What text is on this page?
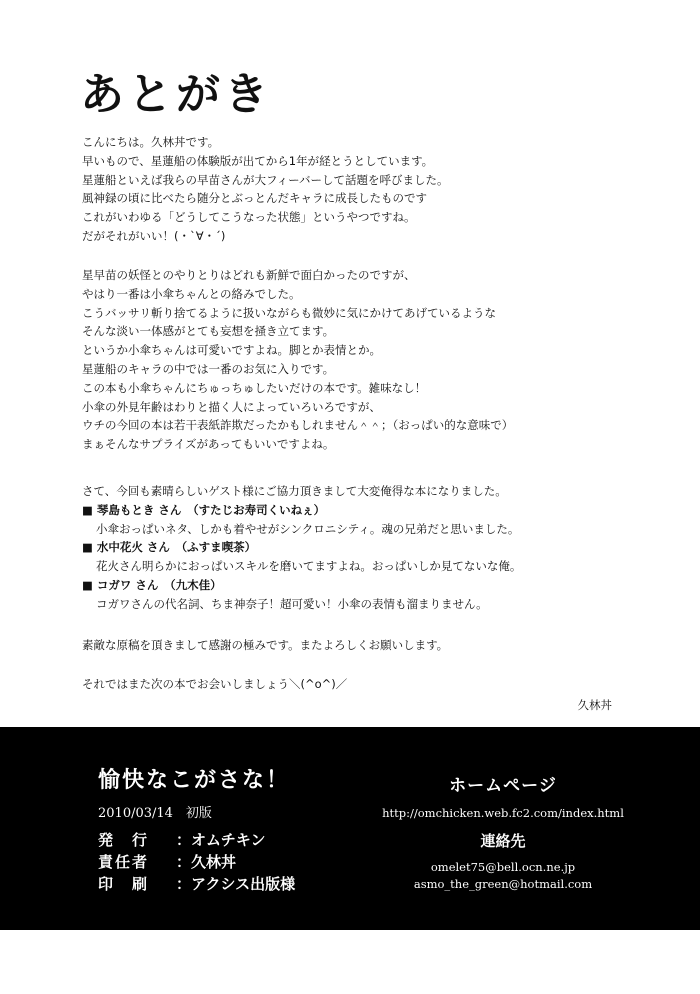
あとがき
こんにちは。久林丼です。
早いもので、星蓮船の体験版が出てから1年が経とうとしています。
星蓮船といえば我らの早苗さんが大フィーバーして話題を呼びました。
風神録の頃に比べたら随分とぶっとんだキャラに成長したものです
これがいわゆる「どうしてこうなった状態」というやつですね。
だがそれがいい！(・`∀・´)
星早苗の妖怪とのやりとりはどれも新鮮で面白かったのですが、
やはり一番は小傘ちゃんとの絡みでした。
こうバッサリ斬り捨てるように扱いながらも微妙に気にかけてあげているような
そんな淡い一体感がとても妄想を掻き立てます。
というか小傘ちゃんは可愛いですよね。脚とか表情とか。
星蓮船のキャラの中では一番のお気に入りです。
この本も小傘ちゃんにちゅっちゅしたいだけの本です。雑味なし！
小傘の外見年齢はわりと描く人によっていろいろですが、
ウチの今回の本は若干表紙詐欺だったかもしれません＾＾；（おっぱい的な意味で）
まぁそんなサプライズがあってもいいですよね。
さて、今回も素晴らしいゲスト様にご協力頂きまして大変俺得な本になりました。
■ 琴島もとき さん　（すたじお寿司くいねぇ）
小傘おっぱいネタ、しかも着やせがシンクロニシティ。魂の兄弟だと思いました。
■ 水中花火 さん　（ふすま喫茶）
花火さん明らかにおっぱいスキルを磨いてますよね。おっぱいしか見てないな俺。
■ コガワ さん　（九木佳）
コガワさんの代名詞、ちま神奈子！超可愛い！小傘の表情も溜まりません。
素敵な原稿を頂きまして感謝の極みです。またよろしくお願いします。
それではまた次の本でお会いしましょう＼(^o^)／
久林丼
愉快なこがさな！
2010/03/14　初版
発　行 ：オムチキン
責任者 ：久林丼
印　刷 ：アクシス出版様
ホームページ
http://omchicken.web.fc2.com/index.html
連絡先
omelet75@bell.ocn.ne.jp
asmo_the_green@hotmail.com
